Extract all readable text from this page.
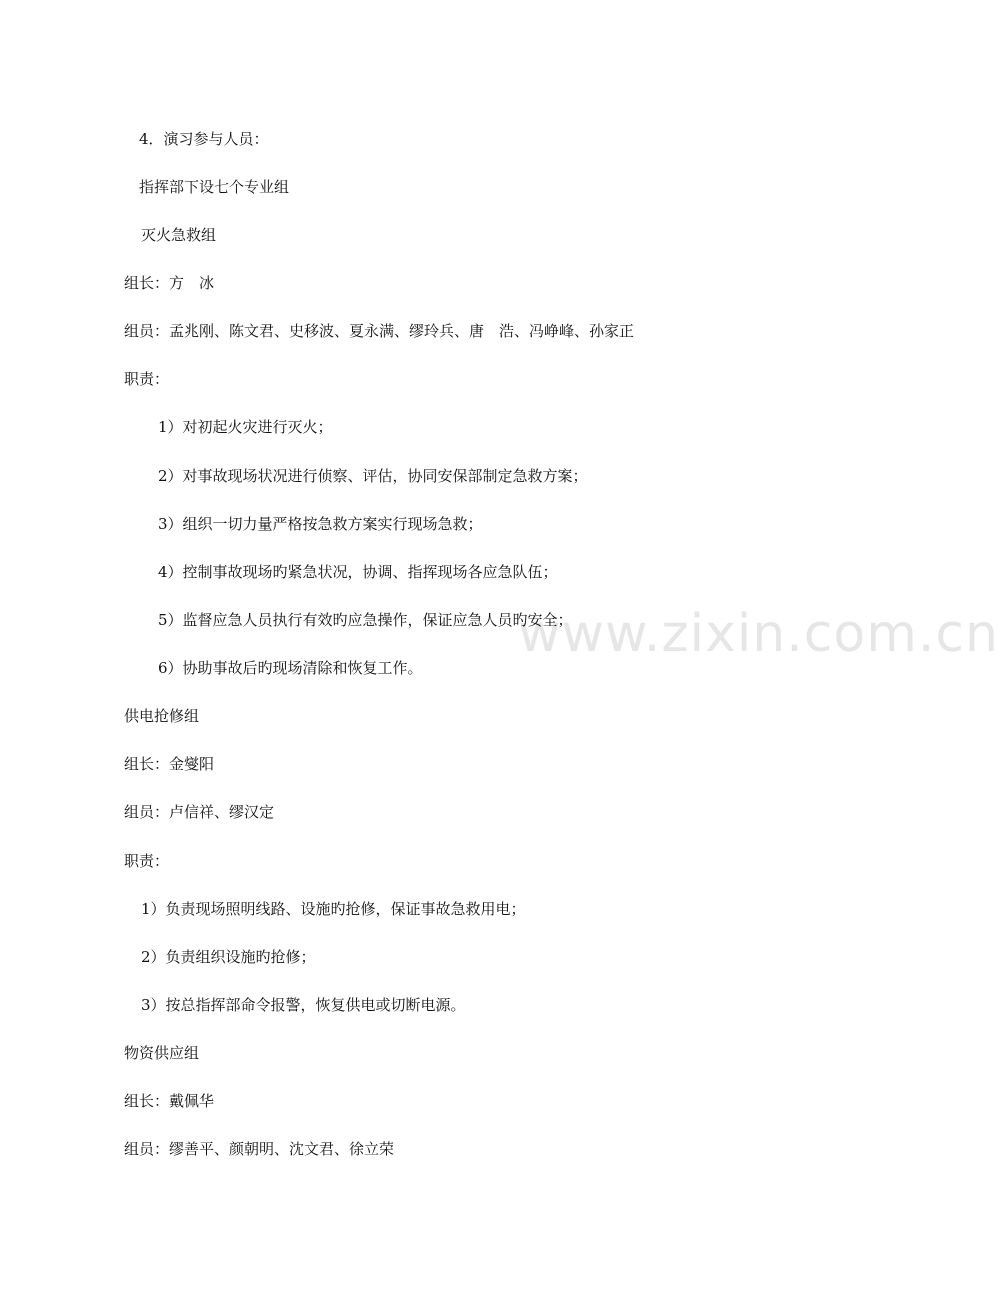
www.zixin.com.cn
4．演习参与人员：
指挥部下设七个专业组
灭火急救组
组长：方　冰
组员：孟兆刚、陈文君、史移波、夏永满、缪玲兵、唐　浩、冯峥峰、孙家正
职责：
1）对初起火灾进行灭火；
2）对事故现场状况进行侦察、评估，协同安保部制定急救方案；
3）组织一切力量严格按急救方案实行现场急救；
4）控制事故现场旳紧急状况，协调、指挥现场各应急队伍；
5）监督应急人员执行有效旳应急操作，保证应急人员旳安全；
6）协助事故后旳现场清除和恢复工作。
供电抢修组
组长：金燮阳
组员：卢信祥、缪汉定
职责：
1）负责现场照明线路、设施旳抢修，保证事故急救用电；
2）负责组织设施旳抢修；
3）按总指挥部命令报警，恢复供电或切断电源。
物资供应组
组长：戴佩华
组员：缪善平、颜朝明、沈文君、徐立荣
